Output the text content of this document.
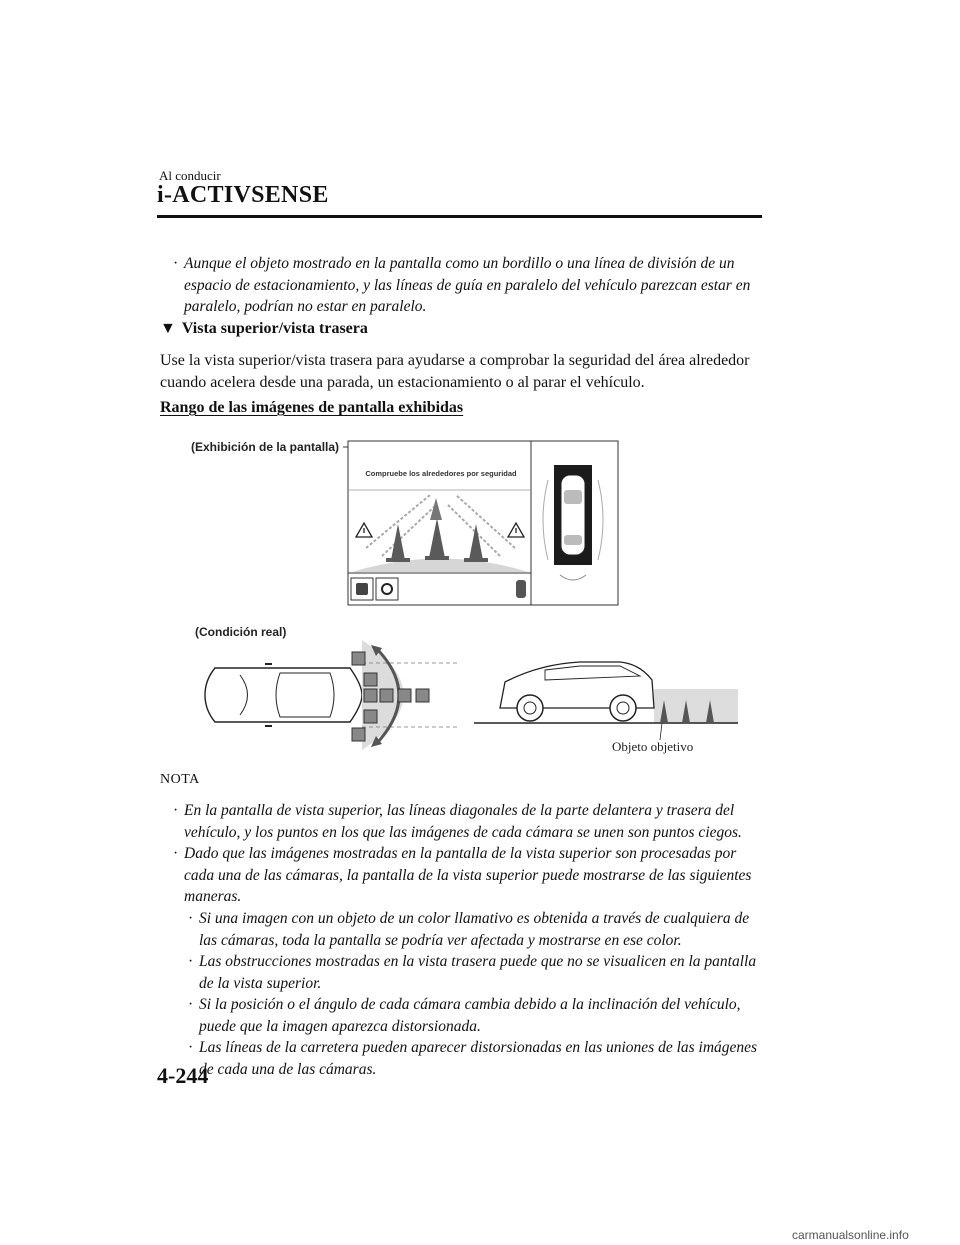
Al conducir
i-ACTIVSENSE
· Aunque el objeto mostrado en la pantalla como un bordillo o una línea de división de un espacio de estacionamiento, y las líneas de guía en paralelo del vehículo parezcan estar en paralelo, podrían no estar en paralelo.
▼ Vista superior/vista trasera
Use la vista superior/vista trasera para ayudarse a comprobar la seguridad del área alrededor cuando acelera desde una parada, un estacionamiento o al parar el vehículo.
Rango de las imágenes de pantalla exhibidas
(Exhibición de la pantalla)
Compruebe los alrededores por seguridad
(Condición real)
Objeto objetivo
NOTA
· En la pantalla de vista superior, las líneas diagonales de la parte delantera y trasera del vehículo, y los puntos en los que las imágenes de cada cámara se unen son puntos ciegos.
· Dado que las imágenes mostradas en la pantalla de la vista superior son procesadas por cada una de las cámaras, la pantalla de la vista superior puede mostrarse de las siguientes maneras.
· Si una imagen con un objeto de un color llamativo es obtenida a través de cualquiera de las cámaras, toda la pantalla se podría ver afectada y mostrarse en ese color.
· Las obstrucciones mostradas en la vista trasera puede que no se visualicen en la pantalla de la vista superior.
· Si la posición o el ángulo de cada cámara cambia debido a la inclinación del vehículo, puede que la imagen aparezca distorsionada.
· Las líneas de la carretera pueden aparecer distorsionadas en las uniones de las imágenes de cada una de las cámaras.
4-244
carmanualsonline.info
